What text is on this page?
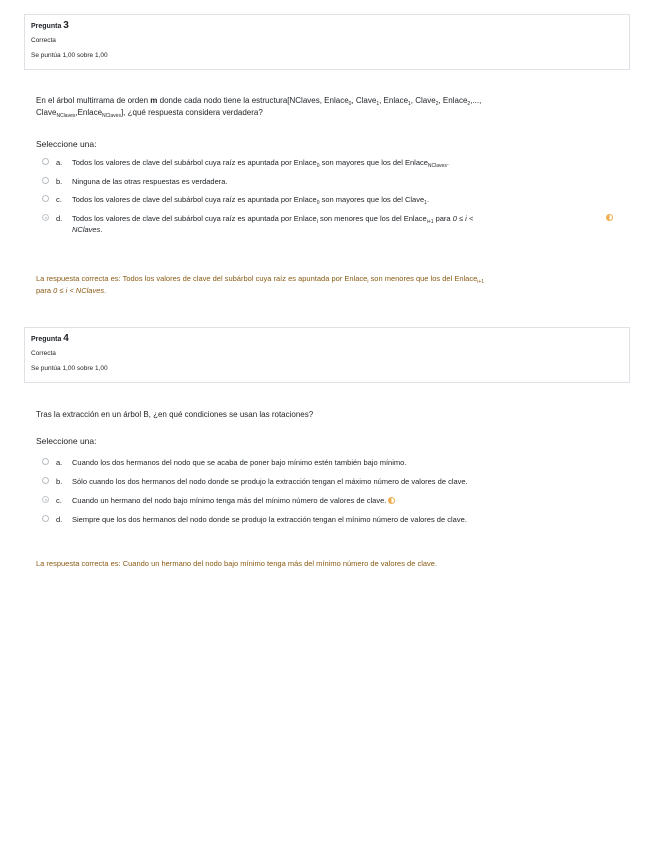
Pregunta 3
Correcta
Se puntúa 1,00 sobre 1,00
En el árbol multirrama de orden m donde cada nodo tiene la estructura[NClaves, Enlace$_0$, Clave$_1$, Enlace$_1$, Clave$_2$, Enlace$_2$,...,
Clave$_{NClaves}$,Enlace$_{NClaves}$], ¿qué respuesta considera verdadera?
Seleccione una:
a. Todos los valores de clave del subárbol cuya raíz es apuntada por Enlace$_0$ son mayores que los del Enlace$_{NClaves}$.
b. Ninguna de las otras respuestas es verdadera.
c. Todos los valores de clave del subárbol cuya raíz es apuntada por Enlace$_0$ son mayores que los del Clave$_1$.
d. Todos los valores de clave del subárbol cuya raíz es apuntada por Enlace$_i$ son menores que los del Enlace$_{i+1}$ para 0 ≤ i <
NClaves.
La respuesta correcta es: Todos los valores de clave del subárbol cuya raíz es apuntada por Enlace$_i$ son menores que los del Enlace$_{i+1}$
para 0 ≤ i < NClaves.
Pregunta 4
Correcta
Se puntúa 1,00 sobre 1,00
Tras la extracción en un árbol B, ¿en qué condiciones se usan las rotaciones?
Seleccione una:
a. Cuando los dos hermanos del nodo que se acaba de poner bajo mínimo estén también bajo mínimo.
b. Sólo cuando los dos hermanos del nodo donde se produjo la extracción tengan el máximo número de valores de clave.
c. Cuando un hermano del nodo bajo mínimo tenga más del mínimo número de valores de clave.
d. Siempre que los dos hermanos del nodo donde se produjo la extracción tengan el mínimo número de valores de clave.
La respuesta correcta es: Cuando un hermano del nodo bajo mínimo tenga más del mínimo número de valores de clave.
